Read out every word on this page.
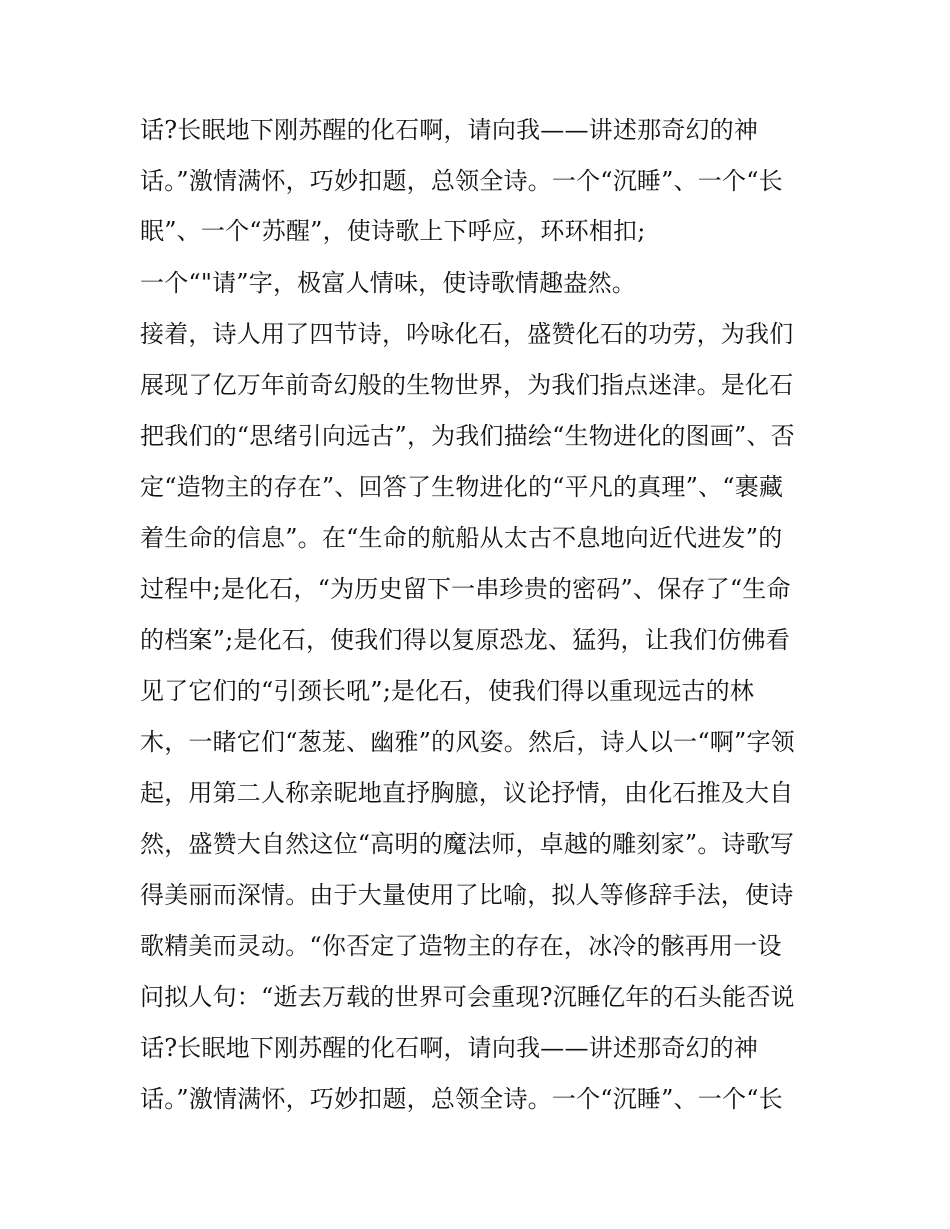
话?长眠地下刚苏醒的化石啊，请向我——讲述那奇幻的神
话。”激情满怀，巧妙扣题，总领全诗。一个“沉睡”、一个“长
眠”、一个“苏醒”，使诗歌上下呼应，环环相扣;
一个“"请”字，极富人情味，使诗歌情趣盎然。
接着，诗人用了四节诗，吟咏化石，盛赞化石的功劳，为我们
展现了亿万年前奇幻般的生物世界，为我们指点迷津。是化石
把我们的“思绪引向远古”，为我们描绘“生物进化的图画”、否
定“造物主的存在”、回答了生物进化的“平凡的真理”、“裹藏
着生命的信息”。在“生命的航船从太古不息地向近代进发”的
过程中;是化石，“为历史留下一串珍贵的密码”、保存了“生命
的档案”;是化石，使我们得以复原恐龙、猛犸，让我们仿佛看
见了它们的“引颈长吼”;是化石，使我们得以重现远古的林
木，一睹它们“葱茏、幽雅”的风姿。然后，诗人以一“啊”字领
起，用第二人称亲昵地直抒胸臆，议论抒情，由化石推及大自
然，盛赞大自然这位“高明的魔法师，卓越的雕刻家”。诗歌写
得美丽而深情。由于大量使用了比喻，拟人等修辞手法，使诗
歌精美而灵动。“你否定了造物主的存在，冰冷的骸再用一设
问拟人句：“逝去万载的世界可会重现?沉睡亿年的石头能否说
话?长眠地下刚苏醒的化石啊，请向我——讲述那奇幻的神
话。”激情满怀，巧妙扣题，总领全诗。一个“沉睡”、一个“长
